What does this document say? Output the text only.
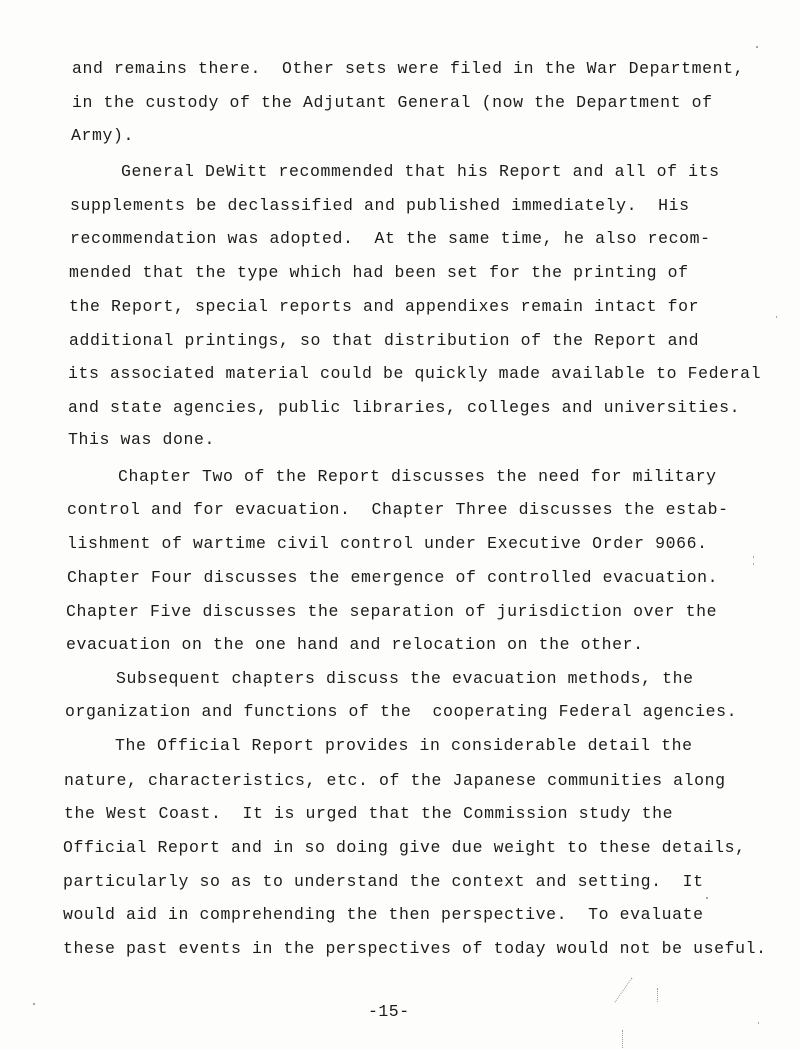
and remains there.  Other sets were filed in the War Department,
in the custody of the Adjutant General (now the Department of
Army).
General DeWitt recommended that his Report and all of its
supplements be declassified and published immediately.  His
recommendation was adopted.  At the same time, he also recom-
mended that the type which had been set for the printing of
the Report, special reports and appendixes remain intact for
additional printings, so that distribution of the Report and
its associated material could be quickly made available to Federal
and state agencies, public libraries, colleges and universities.
This was done.
Chapter Two of the Report discusses the need for military
control and for evacuation.  Chapter Three discusses the estab-
lishment of wartime civil control under Executive Order 9066.
Chapter Four discusses the emergence of controlled evacuation.
Chapter Five discusses the separation of jurisdiction over the
evacuation on the one hand and relocation on the other.
Subsequent chapters discuss the evacuation methods, the
organization and functions of the  cooperating Federal agencies.
The Official Report provides in considerable detail the
nature, characteristics, etc. of the Japanese communities along
the West Coast.  It is urged that the Commission study the
Official Report and in so doing give due weight to these details,
particularly so as to understand the context and setting.  It
would aid in comprehending the then perspective.  To evaluate
these past events in the perspectives of today would not be useful.
-15-
